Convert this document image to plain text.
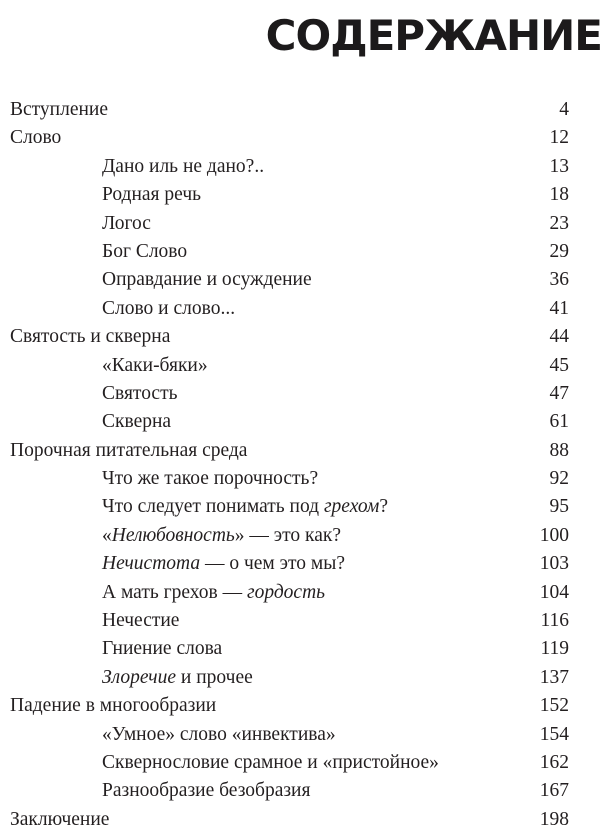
СОДЕРЖАНИЕ
Вступление	4
Слово	12
Дано иль не дано?..	13
Родная речь	18
Логос	23
Бог Слово	29
Оправдание и осуждение	36
Слово и слово...	41
Святость и скверна	44
«Каки-бяки»	45
Святость	47
Скверна	61
Порочная питательная среда	88
Что же такое порочность?	92
Что следует понимать под грехом?	95
«Нелюбовность» — это как?	100
Нечистота — о чем это мы?	103
А мать грехов — гордость	104
Нечестие	116
Гниение слова	119
Злоречие и прочее	137
Падение в многообразии	152
«Умное» слово «инвектива»	154
Сквернословие срамное и «пристойное»	162
Разнообразие безобразия	167
Заключение	198
